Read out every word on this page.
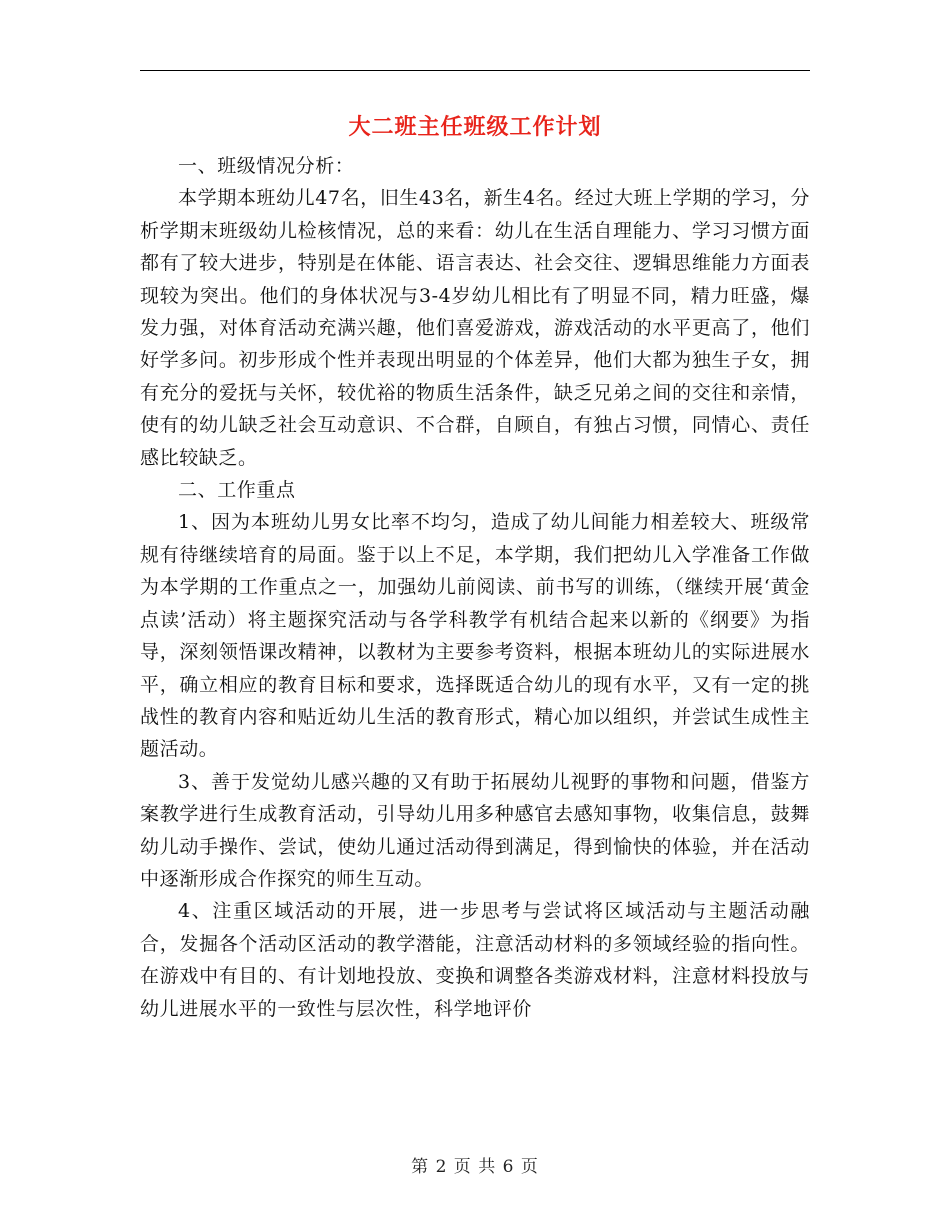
大二班主任班级工作计划

一、班级情况分析：

本学期本班幼儿47名，旧生43名，新生4名。经过大班上学期的学习，分析学期末班级幼儿检核情况，总的来看：幼儿在生活自理能力、学习习惯方面都有了较大进步，特别是在体能、语言表达、社会交往、逻辑思维能力方面表现较为突出。他们的身体状况与3-4岁幼儿相比有了明显不同，精力旺盛，爆发力强，对体育活动充满兴趣，他们喜爱游戏，游戏活动的水平更高了，他们好学多问。初步形成个性并表现出明显的个体差异，他们大都为独生子女，拥有充分的爱抚与关怀，较优裕的物质生活条件，缺乏兄弟之间的交往和亲情，使有的幼儿缺乏社会互动意识、不合群，自顾自，有独占习惯，同情心、责任感比较缺乏。

二、工作重点

1、因为本班幼儿男女比率不均匀，造成了幼儿间能力相差较大、班级常规有待继续培育的局面。鉴于以上不足，本学期，我们把幼儿入学准备工作做为本学期的工作重点之一，加强幼儿前阅读、前书写的训练，（继续开展‘黄金点读’活动）将主题探究活动与各学科教学有机结合起来以新的《纲要》为指导，深刻领悟课改精神，以教材为主要参考资料，根据本班幼儿的实际进展水平，确立相应的教育目标和要求，选择既适合幼儿的现有水平，又有一定的挑战性的教育内容和贴近幼儿生活的教育形式，精心加以组织，并尝试生成性主题活动。

3、善于发觉幼儿感兴趣的又有助于拓展幼儿视野的事物和问题，借鉴方案教学进行生成教育活动，引导幼儿用多种感官去感知事物，收集信息，鼓舞幼儿动手操作、尝试，使幼儿通过活动得到满足，得到愉快的体验，并在活动中逐渐形成合作探究的师生互动。

4、注重区域活动的开展，进一步思考与尝试将区域活动与主题活动融合，发掘各个活动区活动的教学潜能，注意活动材料的多领域经验的指向性。在游戏中有目的、有计划地投放、变换和调整各类游戏材料，注意材料投放与幼儿进展水平的一致性与层次性，科学地评价

第 2 页 共 6 页
